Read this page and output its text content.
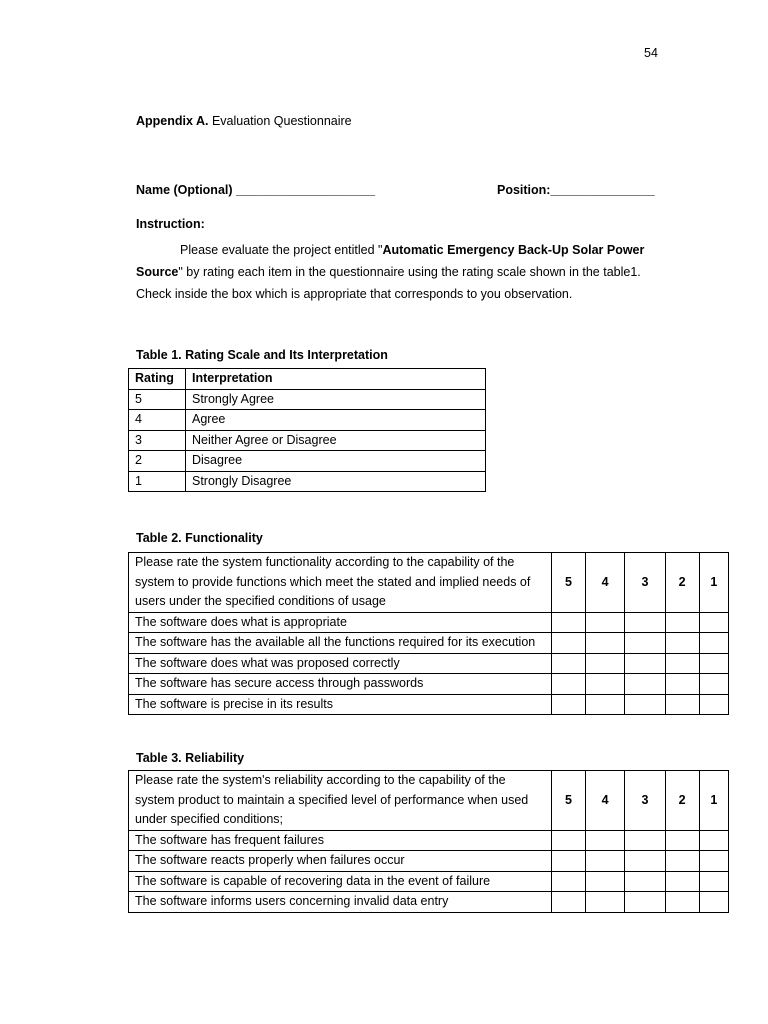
54
Appendix A. Evaluation Questionnaire
Name (Optional) ____________________	Position:_______________
Instruction:
Please evaluate the project entitled "Automatic Emergency Back-Up Solar Power Source" by rating each item in the questionnaire using the rating scale shown in the table1. Check inside the box which is appropriate that corresponds to you observation.
Table 1. Rating Scale and Its Interpretation
Rating	Interpretation
5	Strongly Agree
4	Agree
3	Neither Agree or Disagree
2	Disagree
1	Strongly Disagree
Table 2. Functionality
Please rate the system functionality according to the capability of the system to provide functions which meet the stated and implied needs of users under the specified conditions of usage	5	4	3	2	1
The software does what is appropriate					
The software has the available all the functions required for its execution					
The software does what was proposed correctly					
The software has secure access through passwords					
The software is precise in its results					
Table 3. Reliability
Please rate the system's reliability according to the capability of the system product to maintain a specified level of performance when used under specified conditions;	5	4	3	2	1
The software has frequent failures					
The software reacts properly when failures occur					
The software is capable of recovering data in the event of failure					
The software informs users concerning invalid data entry					
